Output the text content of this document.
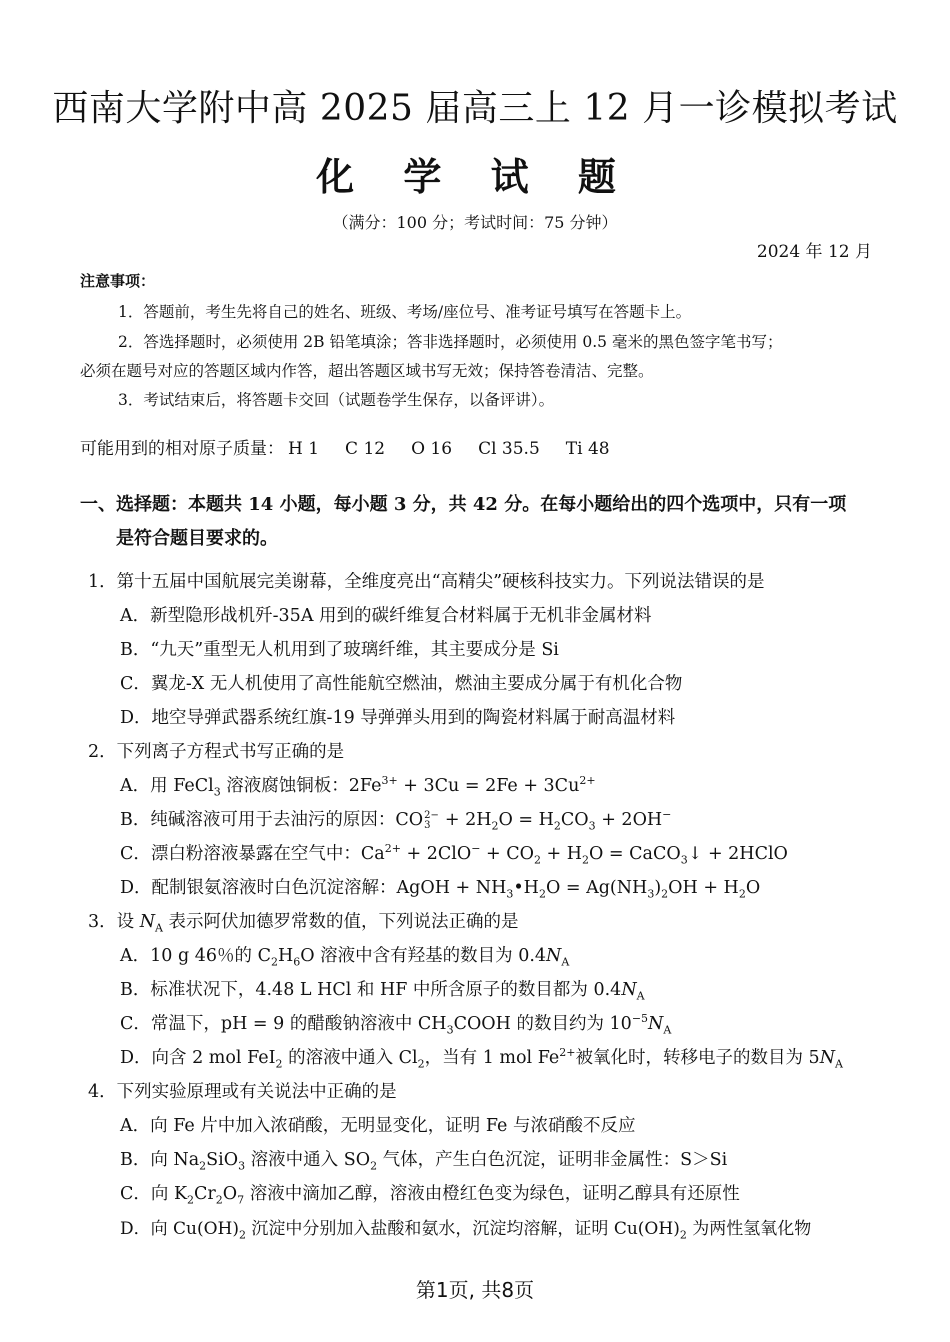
西南大学附中高 2025 届高三上 12 月一诊模拟考试
化 学 试 题
（满分：100 分；考试时间：75 分钟）
2024 年 12 月
注意事项：
1．答题前，考生先将自己的姓名、班级、考场/座位号、准考证号填写在答题卡上。
2．答选择题时，必须使用 2B 铅笔填涂；答非选择题时，必须使用 0.5 毫米的黑色签字笔书写；
必须在题号对应的答题区域内作答，超出答题区域书写无效；保持答卷清洁、完整。
3．考试结束后，将答题卡交回（试题卷学生保存，以备评讲）。
可能用到的相对原子质量： H 1 C 12 O 16 Cl 35.5 Ti 48
一、选择题：本题共 14 小题，每小题 3 分，共 42 分。在每小题给出的四个选项中，只有一项
是符合题目要求的。
1．第十五届中国航展完美谢幕，全维度亮出“高精尖”硬核科技实力。下列说法错误的是
A．新型隐形战机歼-35A 用到的碳纤维复合材料属于无机非金属材料
B．“九天”重型无人机用到了玻璃纤维，其主要成分是 Si
C．翼龙-X 无人机使用了高性能航空燃油，燃油主要成分属于有机化合物
D．地空导弹武器系统红旗-19 导弹弹头用到的陶瓷材料属于耐高温材料
2．下列离子方程式书写正确的是
A．用 FeCl$_3$ 溶液腐蚀铜板：$2Fe^{3+} + 3Cu = 2Fe + 3Cu^{2+}$
B．纯碱溶液可用于去油污的原因：CO 2−
$3 + 2H_2O = H_2CO_3 + 2OH^-$
C．漂白粉溶液暴露在空气中：$Ca^{2+} + 2ClO^- + CO_2 + H_2O$ = CaCO$_3$↓ + 2HClO
D．配制银氨溶液时白色沉淀溶解：AgOH + $NH_3•H_2O = Ag(NH_3)_2OH + H_2O$
3．设 $N_A$ 表示阿伏加德罗常数的值，下列说法正确的是
A．10 g 46％的 $C_2H_6O$ 溶液中含有羟基的数目为 $0.4N_A$
B．标准状况下，4.48 L HCl 和 HF 中所含原子的数目都为 $0.4N_A$
C．常温下，pH = 9 的醋酸钠溶液中 $CH_3COOH$ 的数目约为 $10^{-5}N_A$
D．向含 2 mol FeI$_2$ 的溶液中通入 $Cl_2$，当有 1 mol $Fe^{2+}$被氧化时，转移电子的数目为 $5N_A$
4．下列实验原理或有关说法中正确的是
A．向 Fe 片中加入浓硝酸，无明显变化，证明 Fe 与浓硝酸不反应
B．向 $Na_2SiO_3$ 溶液中通入 $SO_2$ 气体，产生白色沉淀，证明非金属性：S＞Si
C．向 $K_2Cr_2O_7$ 溶液中滴加乙醇，溶液由橙红色变为绿色，证明乙醇具有还原性
D．向 $Cu(OH)_2$ 沉淀中分别加入盐酸和氨水，沉淀均溶解，证明 $Cu(OH)_2$ 为两性氢氧化物
第1页, 共8页
